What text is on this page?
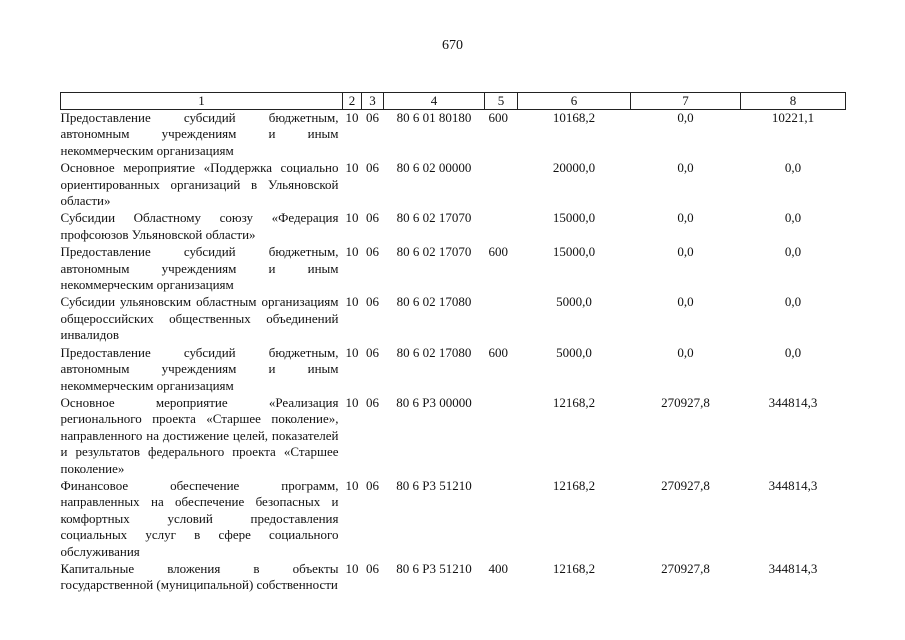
670
1	2	3	4	5	6	7	8
Предоставление субсидий бюджетным, автономным учреждениям и иным некоммерческим организациям	10	06	80 6 01 80180	600	10168,2	0,0	10221,1
Основное мероприятие «Поддержка социально ориентированных организаций в Ульяновской области»	10	06	80 6 02 00000		20000,0	0,0	0,0
Субсидии Областному союзу «Федерация профсоюзов Ульяновской области»	10	06	80 6 02 17070		15000,0	0,0	0,0
Предоставление субсидий бюджетным, автономным учреждениям и иным некоммерческим организациям	10	06	80 6 02 17070	600	15000,0	0,0	0,0
Субсидии ульяновским областным организациям общероссийских общественных объединений инвалидов	10	06	80 6 02 17080		5000,0	0,0	0,0
Предоставление субсидий бюджетным, автономным учреждениям и иным некоммерческим организациям	10	06	80 6 02 17080	600	5000,0	0,0	0,0
Основное мероприятие «Реализация регионального проекта «Старшее поколение», направленного на достижение целей, показателей и результатов федерального проекта «Старшее поколение»	10	06	80 6 P3 00000		12168,2	270927,8	344814,3
Финансовое обеспечение программ, направленных на обеспечение безопасных и комфортных условий предоставления социальных услуг в сфере социального обслуживания	10	06	80 6 P3 51210		12168,2	270927,8	344814,3
Капитальные вложения в объекты государственной (муниципальной) собственности	10	06	80 6 P3 51210	400	12168,2	270927,8	344814,3
